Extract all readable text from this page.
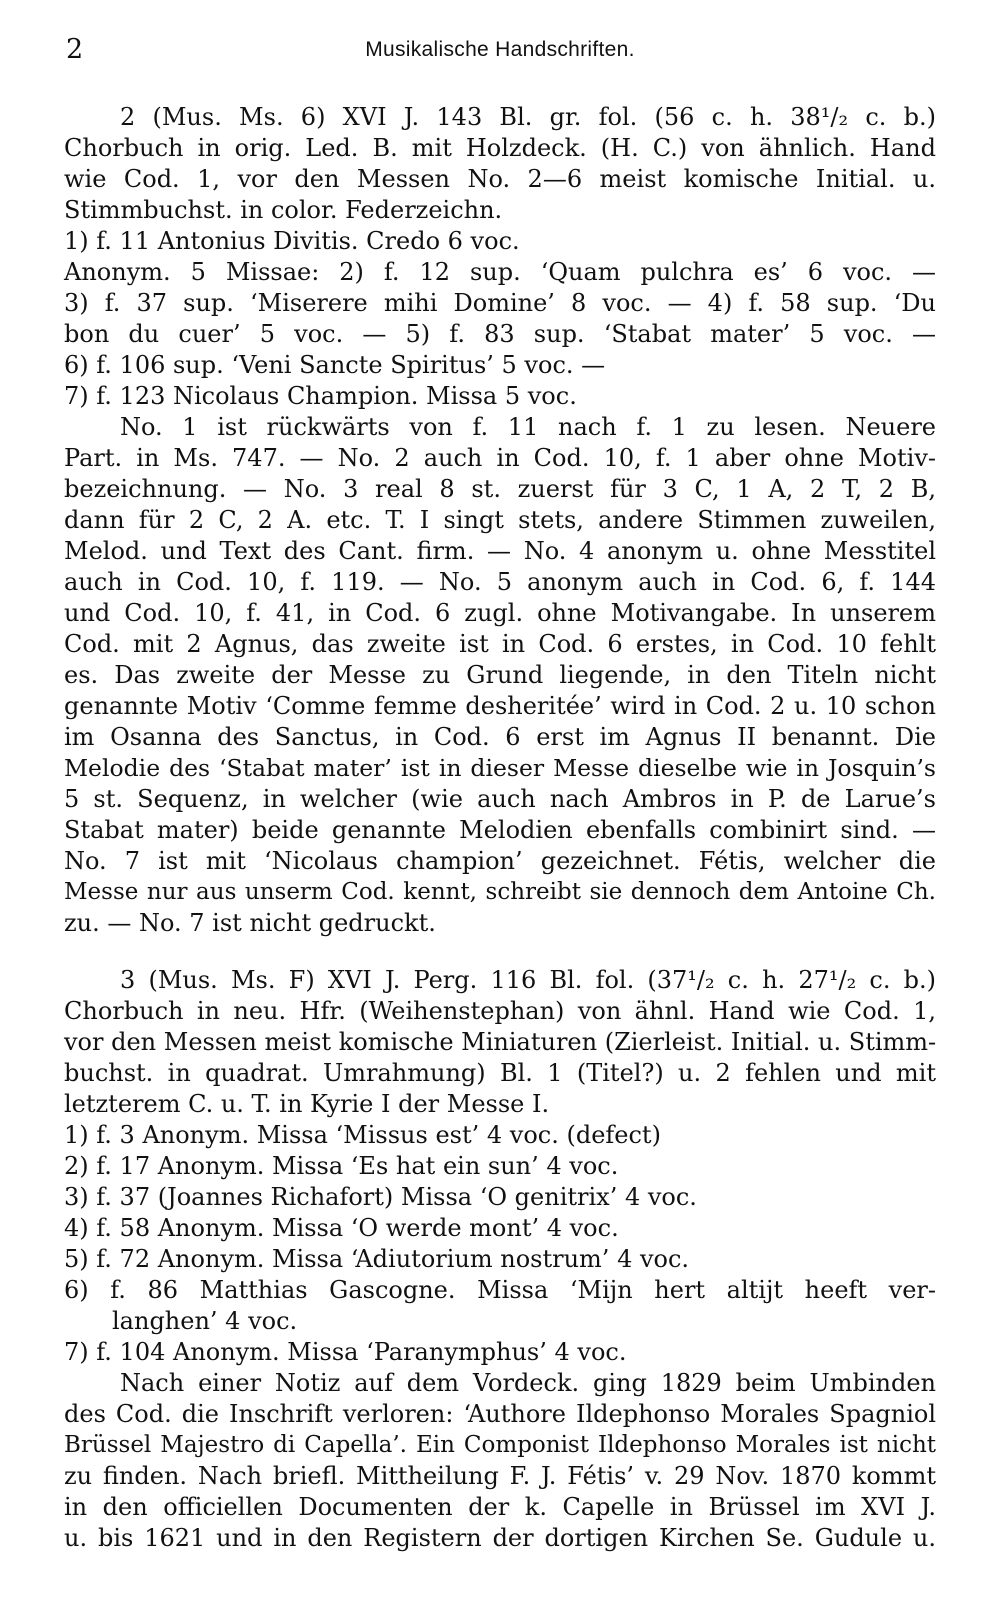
2	Musikalische Handschriften.
2 (Mus. Ms. 6) XVI J. 143 Bl. gr. fol. (56 c. h. 38¹/₂ c. b.)
Chorbuch in orig. Led. B. mit Holzdeck. (H. C.) von ähnlich. Hand
wie Cod. 1, vor den Messen No. 2—6 meist komische Initial. u.
Stimmbuchst. in color. Federzeichn.
1) f. 11 Antonius Divitis. Credo 6 voc.
Anonym. 5 Missae: 2) f. 12 sup. ‘Quam pulchra es’ 6 voc. —
3) f. 37 sup. ‘Miserere mihi Domine’ 8 voc. — 4) f. 58 sup. ‘Du
bon du cuer’ 5 voc. — 5) f. 83 sup. ‘Stabat mater’ 5 voc. —
6) f. 106 sup. ‘Veni Sancte Spiritus’ 5 voc. —
7) f. 123 Nicolaus Champion. Missa 5 voc.
No. 1 ist rückwärts von f. 11 nach f. 1 zu lesen. Neuere
Part. in Ms. 747. — No. 2 auch in Cod. 10, f. 1 aber ohne Motiv-
bezeichnung. — No. 3 real 8 st. zuerst für 3 C, 1 A, 2 T, 2 B,
dann für 2 C, 2 A. etc. T. I singt stets, andere Stimmen zuweilen,
Melod. und Text des Cant. firm. — No. 4 anonym u. ohne Messtitel
auch in Cod. 10, f. 119. — No. 5 anonym auch in Cod. 6, f. 144
und Cod. 10, f. 41, in Cod. 6 zugl. ohne Motivangabe. In unserem
Cod. mit 2 Agnus, das zweite ist in Cod. 6 erstes, in Cod. 10 fehlt
es. Das zweite der Messe zu Grund liegende, in den Titeln nicht
genannte Motiv ‘Comme femme desheritée’ wird in Cod. 2 u. 10 schon
im Osanna des Sanctus, in Cod. 6 erst im Agnus II benannt. Die
Melodie des ‘Stabat mater’ ist in dieser Messe dieselbe wie in Josquin’s
5 st. Sequenz, in welcher (wie auch nach Ambros in P. de Larue’s
Stabat mater) beide genannte Melodien ebenfalls combinirt sind. —
No. 7 ist mit ‘Nicolaus champion’ gezeichnet. Fétis, welcher die
Messe nur aus unserm Cod. kennt, schreibt sie dennoch dem Antoine Ch.
zu. — No. 7 ist nicht gedruckt.
3 (Mus. Ms. F) XVI J. Perg. 116 Bl. fol. (37¹/₂ c. h. 27¹/₂ c. b.)
Chorbuch in neu. Hfr. (Weihenstephan) von ähnl. Hand wie Cod. 1,
vor den Messen meist komische Miniaturen (Zierleist. Initial. u. Stimm-
buchst. in quadrat. Umrahmung) Bl. 1 (Titel?) u. 2 fehlen und mit
letzterem C. u. T. in Kyrie I der Messe I.
1) f. 3 Anonym. Missa ‘Missus est’ 4 voc. (defect)
2) f. 17 Anonym. Missa ‘Es hat ein sun’ 4 voc.
3) f. 37 (Joannes Richafort) Missa ‘O genitrix’ 4 voc.
4) f. 58 Anonym. Missa ‘O werde mont’ 4 voc.
5) f. 72 Anonym. Missa ‘Adiutorium nostrum’ 4 voc.
6) f. 86 Matthias Gascogne. Missa ‘Mijn hert altijt heeft ver-
langhen’ 4 voc.
7) f. 104 Anonym. Missa ‘Paranymphus’ 4 voc.
Nach einer Notiz auf dem Vordeck. ging 1829 beim Umbinden
des Cod. die Inschrift verloren: ‘Authore Ildephonso Morales Spagniol
Brüssel Majestro di Capella’. Ein Componist Ildephonso Morales ist nicht
zu finden. Nach briefl. Mittheilung F. J. Fétis’ v. 29 Nov. 1870 kommt
in den officiellen Documenten der k. Capelle in Brüssel im XVI J.
u. bis 1621 und in den Registern der dortigen Kirchen Se. Gudule u.
